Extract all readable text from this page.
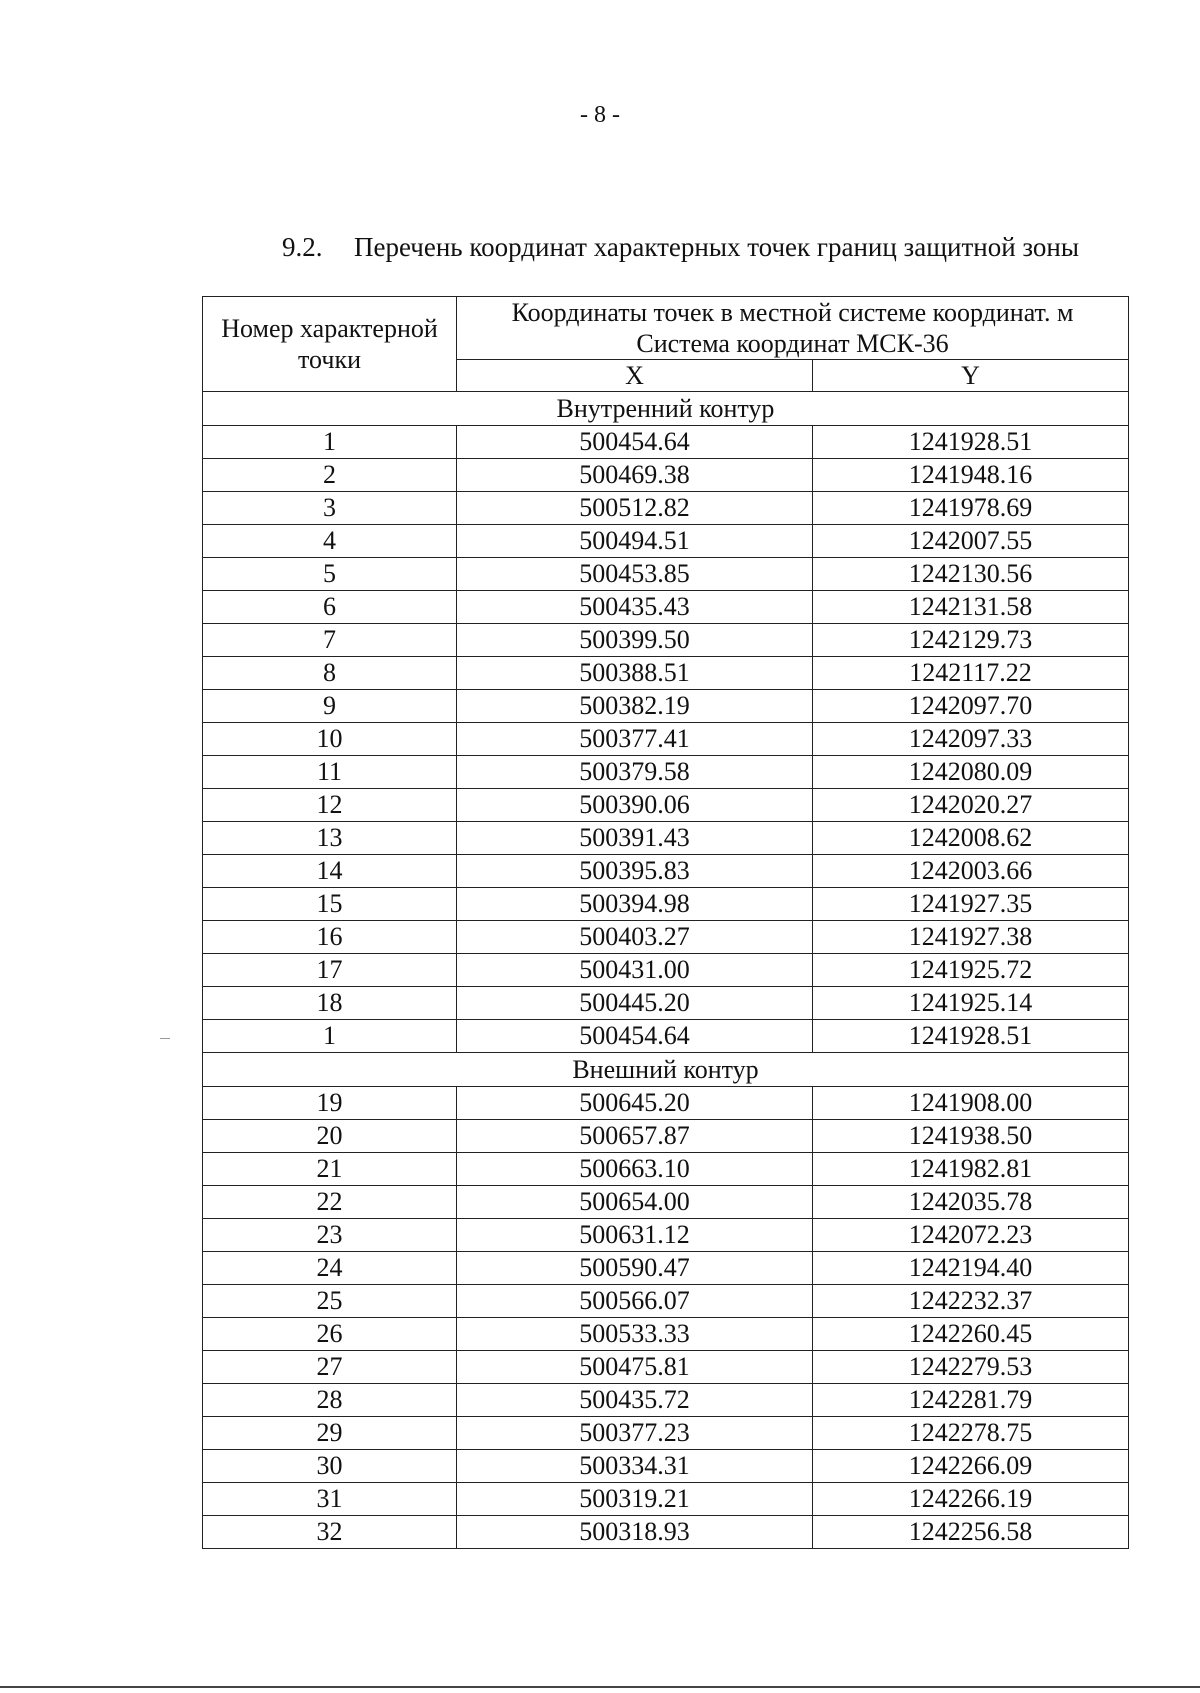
- 8 -
9.2. Перечень координат характерных точек границ защитной зоны
Номер характерной точки	Координаты точек в местной системе координат. м
Система координат МСК-36	

	X	Y
Внутренний контур		
1	500454.64	1241928.51
2	500469.38	1241948.16
3	500512.82	1241978.69
4	500494.51	1242007.55
5	500453.85	1242130.56
6	500435.43	1242131.58
7	500399.50	1242129.73
8	500388.51	1242117.22
9	500382.19	1242097.70
10	500377.41	1242097.33
11	500379.58	1242080.09
12	500390.06	1242020.27
13	500391.43	1242008.62
14	500395.83	1242003.66
15	500394.98	1241927.35
16	500403.27	1241927.38
17	500431.00	1241925.72
18	500445.20	1241925.14
1	500454.64	1241928.51
Внешний контур		
19	500645.20	1241908.00
20	500657.87	1241938.50
21	500663.10	1241982.81
22	500654.00	1242035.78
23	500631.12	1242072.23
24	500590.47	1242194.40
25	500566.07	1242232.37
26	500533.33	1242260.45
27	500475.81	1242279.53
28	500435.72	1242281.79
29	500377.23	1242278.75
30	500334.31	1242266.09
31	500319.21	1242266.19
32	500318.93	1242256.58
